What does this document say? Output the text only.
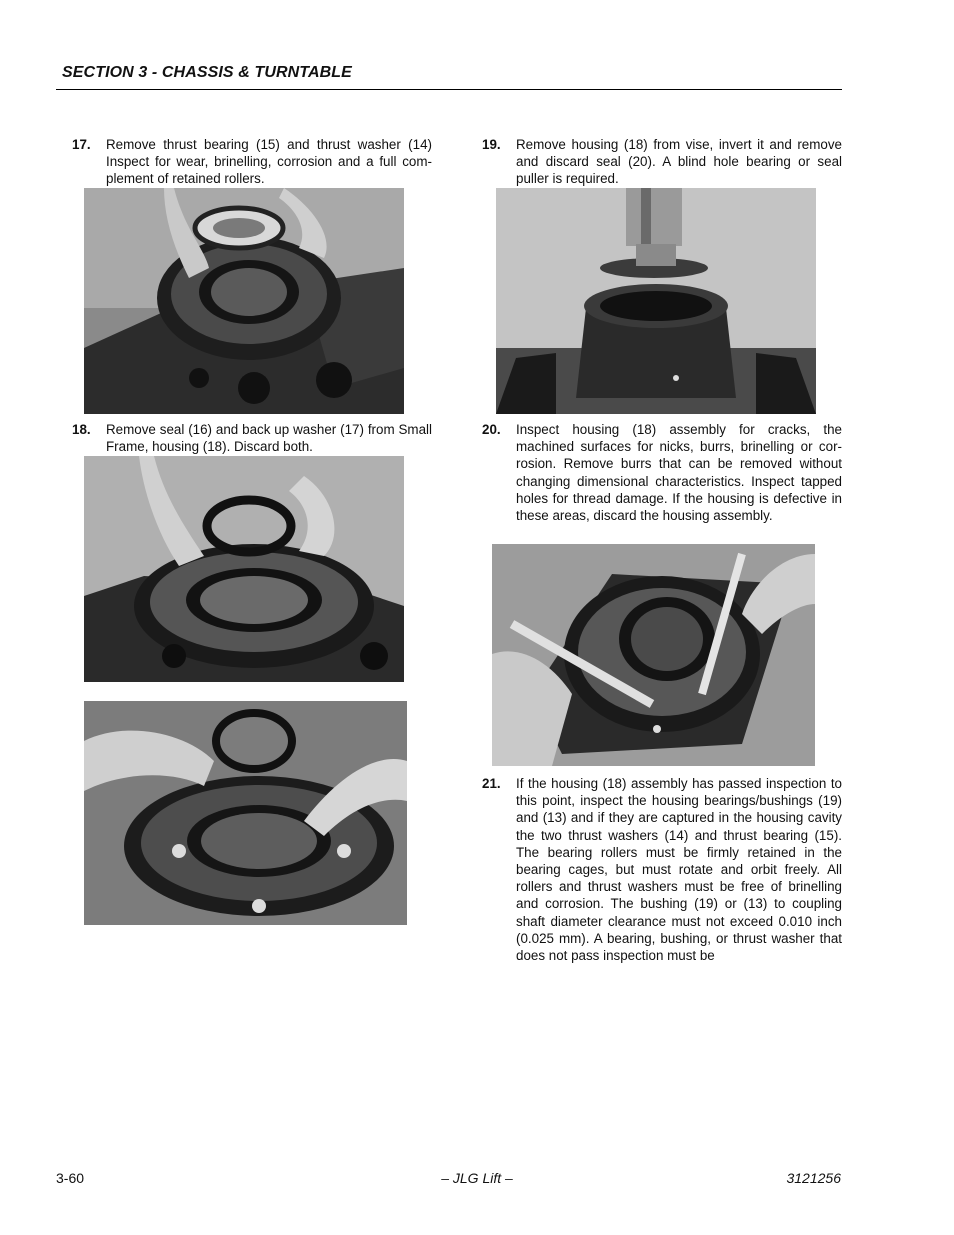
SECTION 3 - CHASSIS & TURNTABLE
17. Remove thrust bearing (15) and thrust washer (14) Inspect for wear, brinelling, corrosion and a full complement of retained rollers.
18. Remove seal (16) and back up washer (17) from Small Frame, housing (18). Discard both.
19. Remove housing (18) from vise, invert it and remove and discard seal (20). A blind hole bearing or seal puller is required.
20. Inspect housing (18) assembly for cracks, the machined surfaces for nicks, burrs, brinelling or corrosion. Remove burrs that can be removed without changing dimensional characteristics. Inspect tapped holes for thread damage. If the housing is defective in these areas, discard the housing assembly.
21. If the housing (18) assembly has passed inspection to this point, inspect the housing bearings/bushings (19) and (13) and if they are captured in the housing cavity the two thrust washers (14) and thrust bearing (15). The bearing rollers must be firmly retained in the bearing cages, but must rotate and orbit freely. All rollers and thrust washers must be free of brinelling and corrosion. The bushing (19) or (13) to coupling shaft diameter clearance must not exceed 0.010 inch (0.025 mm). A bearing, bushing, or thrust washer that does not pass inspection must be
3-60	– JLG Lift –	3121256
